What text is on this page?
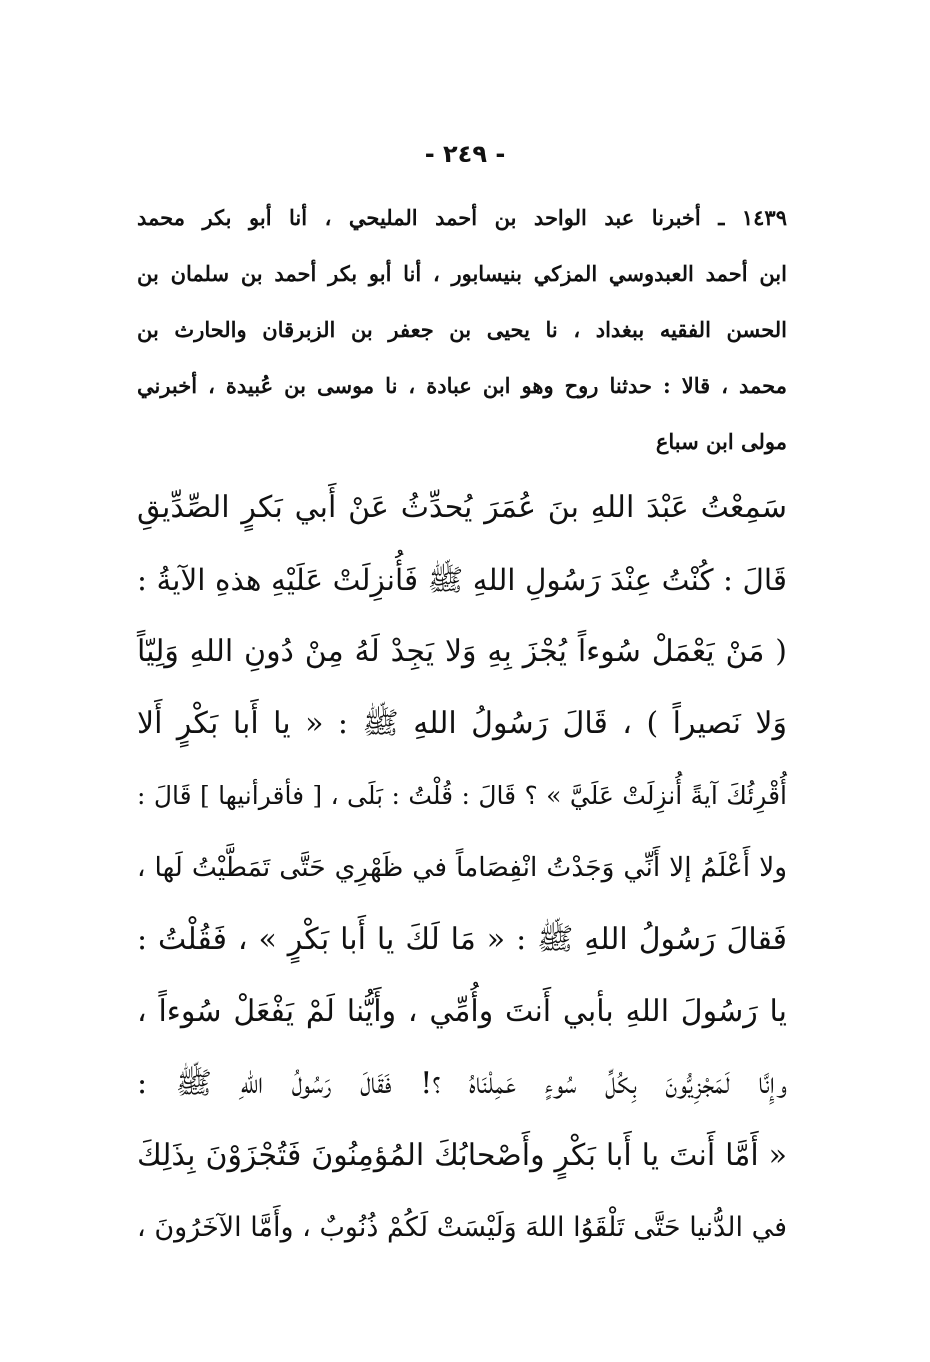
- ٢٤٩ -
١٤٣٩ ـ أخبرنا عبد الواحد بن أحمد المليحي ، أنا أبو بكر محمد
ابن أحمد العبدوسي المزكي بنيسابور ، أنا أبو بكر أحمد بن سلمان بن
الحسن الفقيه ببغداد ، نا يحيى بن جعفر بن الزبرقان والحارث بن
محمد ، قالا : حدثنا روح وهو ابن عبادة ، نا موسى بن عُبيدة ، أخبرني
مولى ابن سباع
سَمِعْتُ عَبْدَ اللهِ بنَ عُمَرَ يُحدِّثُ عَنْ أَبي بَكرٍ الصِّدِّيقِ
قَالَ : كُنْتُ عِنْدَ رَسُولِ اللهِ ﷺ فَأُنزِلَتْ عَلَيْهِ هذهِ الآيةُ :
( مَنْ يَعْمَلْ سُوءاً يُجْزَ بِهِ وَلا يَجِدْ لَهُ مِنْ دُونِ اللهِ وَلِيّاً
وَلا نَصيراً ) ، قَالَ رَسُولُ اللهِ ﷺ : « يا أَبا بَكْرٍ أَلا
أُقْرِئُكَ آيةً أُنزِلَتْ عَلَيَّ » ؟ قَالَ : قُلْتُ : بَلَى ، [ فأقرأنيها ] قَالَ :
ولا أَعْلَمُ إلا أَنِّي وَجَدْتُ انْفِصَاماً في ظَهْرِي حَتَّى تَمَطَّيْتُ لَها ،
فَقالَ رَسُولُ اللهِ ﷺ : « مَا لَكَ يا أَبا بَكْرٍ » ، فَقُلْتُ :
يا رَسُولَ اللهِ بأبي أَنتَ وأُمِّي ، وأَيُّنا لَمْ يَفْعَلْ سُوءاً ،
وإِنَّا لَمَجْزِيُّونَ بِكُلِّ سُوءٍ عَمِلْنَاهُ ؟! فَقَالَ رَسُولُ اللهِ ﷺ :
« أَمَّا أَنتَ يا أَبا بَكْرٍ وأَصْحابُكَ المُؤمِنُونَ فَتُجْزَوْنَ بِذَلِكَ
في الدُّنيا حَتَّى تَلْقَوُا اللهَ وَلَيْسَتْ لَكُمْ ذُنُوبٌ ، وأَمَّا الآخَرُونَ ،
